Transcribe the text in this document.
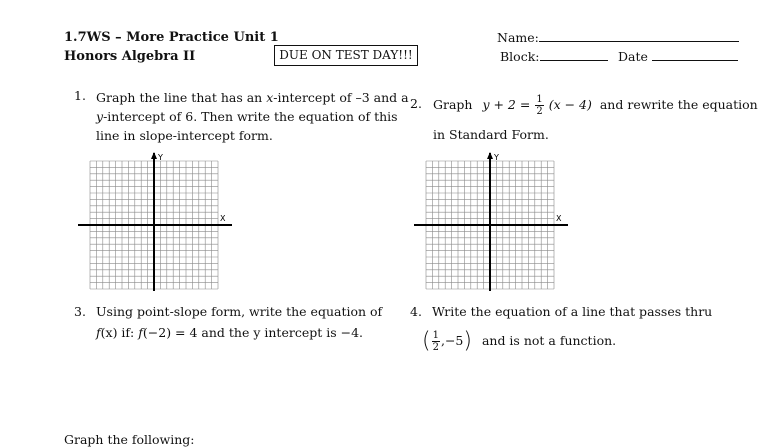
1.7WS – More Practice Unit 1
Honors Algebra II	DUE ON TEST DAY!!!
Name:
Block:	Date
1. Graph the line that has an x-intercept of –3 and a
y-intercept of 6. Then write the equation of this
line in slope-intercept form.
2. Graph $y + 2 = \frac{1}{2} (x - 4)$ and rewrite the equation
in Standard Form.
Y
X
Y
X
3. Using point-slope form, write the equation of
f(x) if: f(−2) = 4 and the y intercept is −4.
4. Write the equation of a line that passes thru
( $\frac{1}{2} ,-5$) and is not a function.
Graph the following:
